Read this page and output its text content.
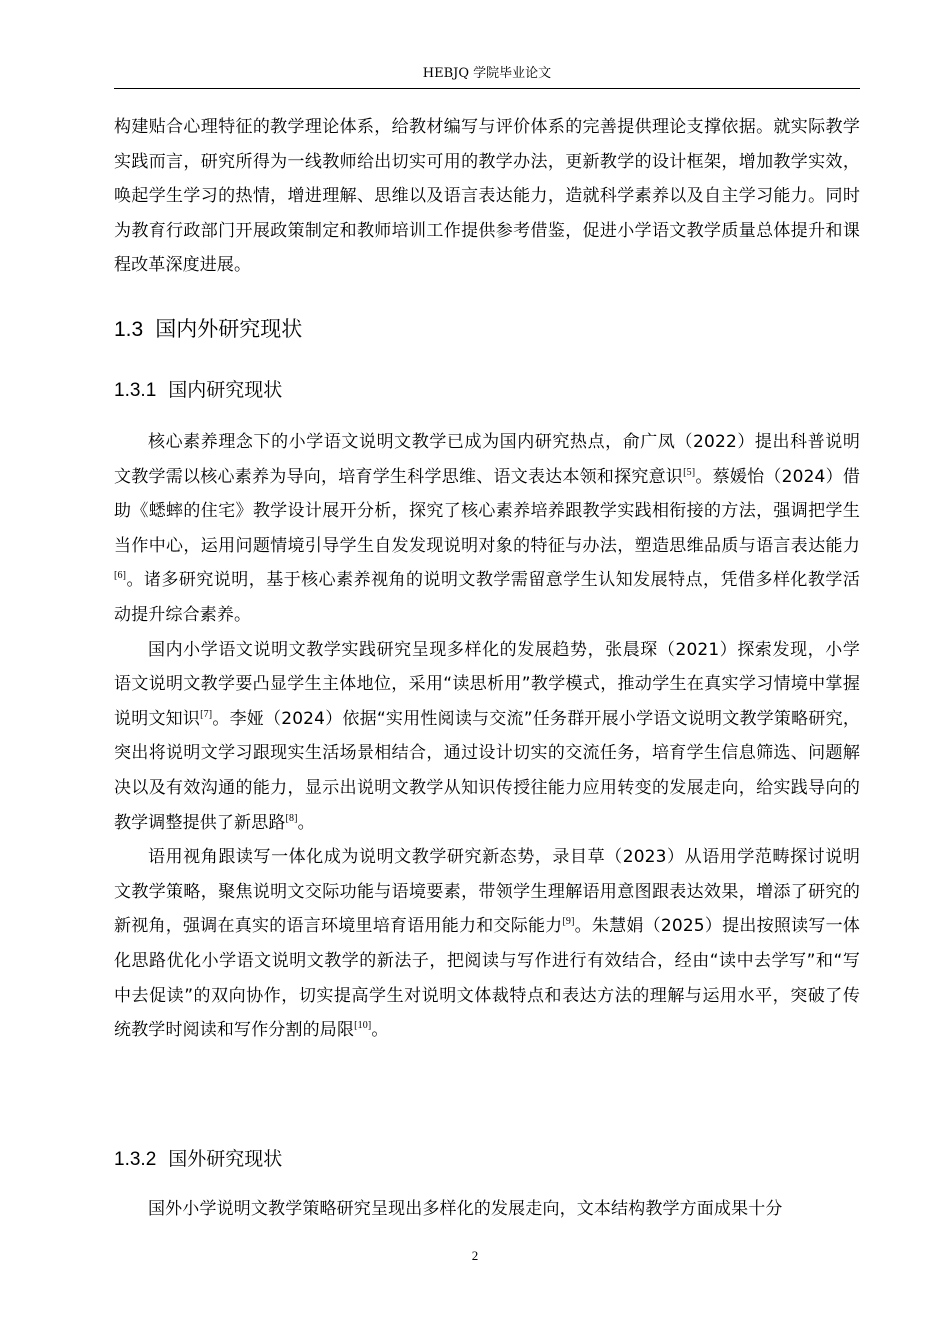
HEBJQ 学院毕业论文

构建贴合心理特征的教学理论体系，给教材编写与评价体系的完善提供理论支撑依据。就实际教学实践而言，研究所得为一线教师给出切实可用的教学办法，更新教学的设计框架，增加教学实效，唤起学生学习的热情，增进理解、思维以及语言表达能力，造就科学素养以及自主学习能力。同时为教育行政部门开展政策制定和教师培训工作提供参考借鉴，促进小学语文教学质量总体提升和课程改革深度进展。

1.3 国内外研究现状
1.3.1 国内研究现状

核心素养理念下的小学语文说明文教学已成为国内研究热点，俞广凤（2022）提出科普说明文教学需以核心素养为导向，培育学生科学思维、语文表达本领和探究意识[5]。蔡媛怡（2024）借助《蟋蟀的住宅》教学设计展开分析，探究了核心素养培养跟教学实践相衔接的方法，强调把学生当作中心，运用问题情境引导学生自发发现说明对象的特征与办法，塑造思维品质与语言表达能力[6]。诸多研究说明，基于核心素养视角的说明文教学需留意学生认知发展特点，凭借多样化教学活动提升综合素养。

国内小学语文说明文教学实践研究呈现多样化的发展趋势，张晨琛（2021）探索发现，小学语文说明文教学要凸显学生主体地位，采用“读思析用”教学模式，推动学生在真实学习情境中掌握说明文知识[7]。李娅（2024）依据“实用性阅读与交流”任务群开展小学语文说明文教学策略研究，突出将说明文学习跟现实生活场景相结合，通过设计切实的交流任务，培育学生信息筛选、问题解决以及有效沟通的能力，显示出说明文教学从知识传授往能力应用转变的发展走向，给实践导向的教学调整提供了新思路[8]。

语用视角跟读写一体化成为说明文教学研究新态势，录目草（2023）从语用学范畴探讨说明文教学策略，聚焦说明文交际功能与语境要素，带领学生理解语用意图跟表达效果，增添了研究的新视角，强调在真实的语言环境里培育语用能力和交际能力[9]。朱慧娟（2025）提出按照读写一体化思路优化小学语文说明文教学的新法子，把阅读与写作进行有效结合，经由“读中去学写”和“写中去促读”的双向协作，切实提高学生对说明文体裁特点和表达方法的理解与运用水平，突破了传统教学时阅读和写作分割的局限[10]。

1.3.2 国外研究现状

国外小学说明文教学策略研究呈现出多样化的发展走向，文本结构教学方面成果十分

2
